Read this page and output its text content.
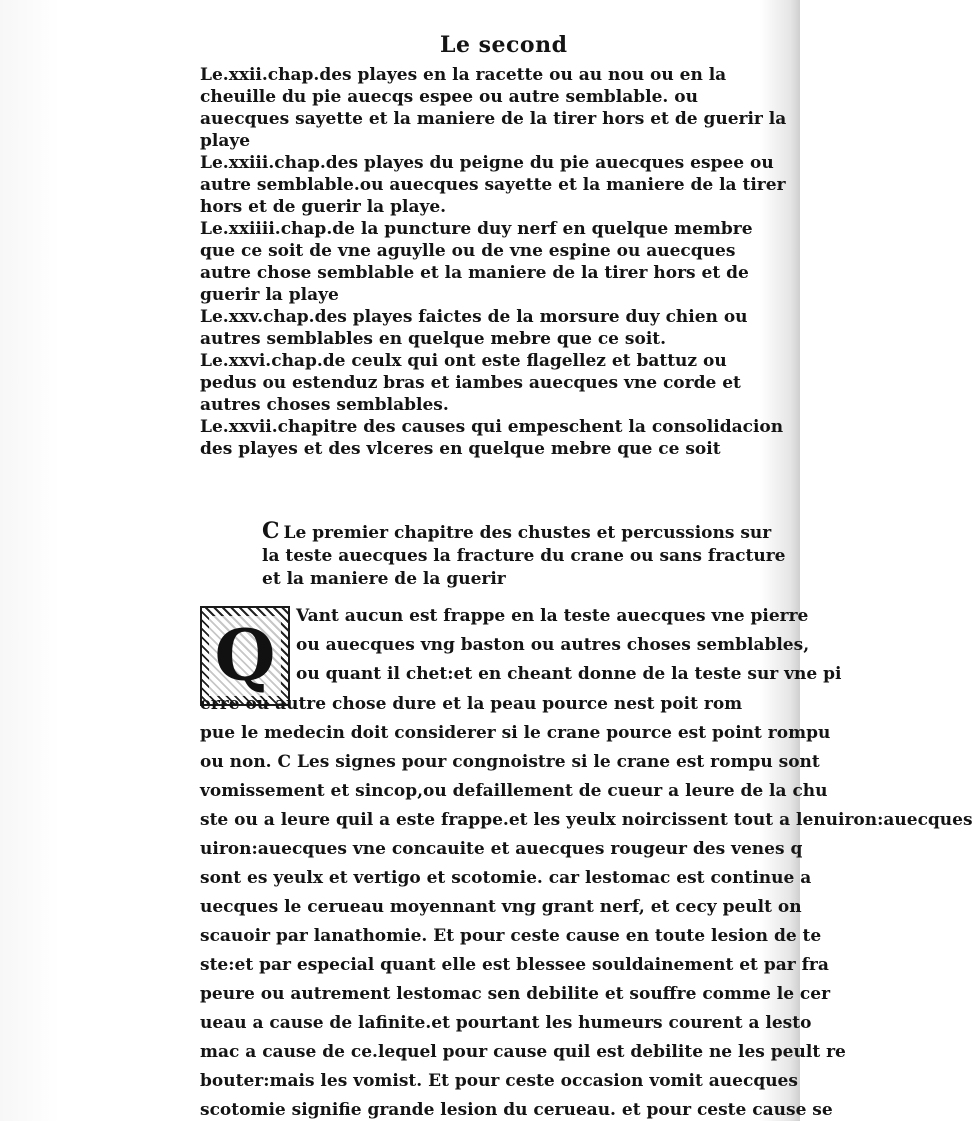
Le second
Le.xxii.chap.des playes en la racette ou au nou ou en la cheuille du pie auecqs espee ou autre semblable. ou auecques sayette et la maniere de la tirer hors et de guerir la playe
Le.xxiii.chap.des playes du peigne du pie auecques espee ou autre semblable.ou auecques sayette et la maniere de la tirer hors et de guerir la playe.
Le.xxiiii.chap.de la puncture duy nerf en quelque membre que ce soit de vne aguylle ou de vne espine ou auecques autre chose semblable et la maniere de la tirer hors et de guerir la playe
Le.xxv.chap.des playes faictes de la morsure duy chien ou autres semblables en quelque mebre que ce soit.
Le.xxvi.chap.de ceulx qui ont este flagellez et battuz ou pedus ou estenduz bras et iambes auecques vne corde et autres choses semblables.
Le.xxvii.chapitre des causes qui empeschent la consolidacion des playes et des vlceres en quelque mebre que ce soit
C Le premier chapitre des chustes et percussions sur la teste auecques la fracture du crane ou sans fracture et la maniere de la guerir
Q	Vant aucun est frappe en la teste auecques vne pierre
ou auecques vng baston ou autres choses semblables,
ou quant il chet:et en cheant donne de la teste sur vne pi
erre ou autre chose dure et la peau pource nest poit rom
pue le medecin doit considerer si le crane pource est point rompu
ou non. C Les signes pour congnoistre si le crane est rompu sont
vomissement et sincop,ou defaillement de cueur a leure de la chu
ste ou a leure quil a este frappe.et les yeulx noircissent tout a lenuiron:auecques
uiron:auecques vne concauite et auecques rougeur des venes q
sont es yeulx et vertigo et scotomie. car lestomac est continue a
uecques le cerueau moyennant vng grant nerf, et cecy peult on
scauoir par lanathomie. Et pour ceste cause en toute lesion de te
ste:et par especial quant elle est blessee souldainement et par fra
peure ou autrement lestomac sen debilite et souffre comme le cer
ueau a cause de lafinite.et pourtant les humeurs courent a lesto
mac a cause de ce.lequel pour cause quil est debilite ne les peult re
bouter:mais les vomist. Et pour ceste occasion vomit auecques
scotomie signifie grande lesion du cerueau. et pour ceste cause se
